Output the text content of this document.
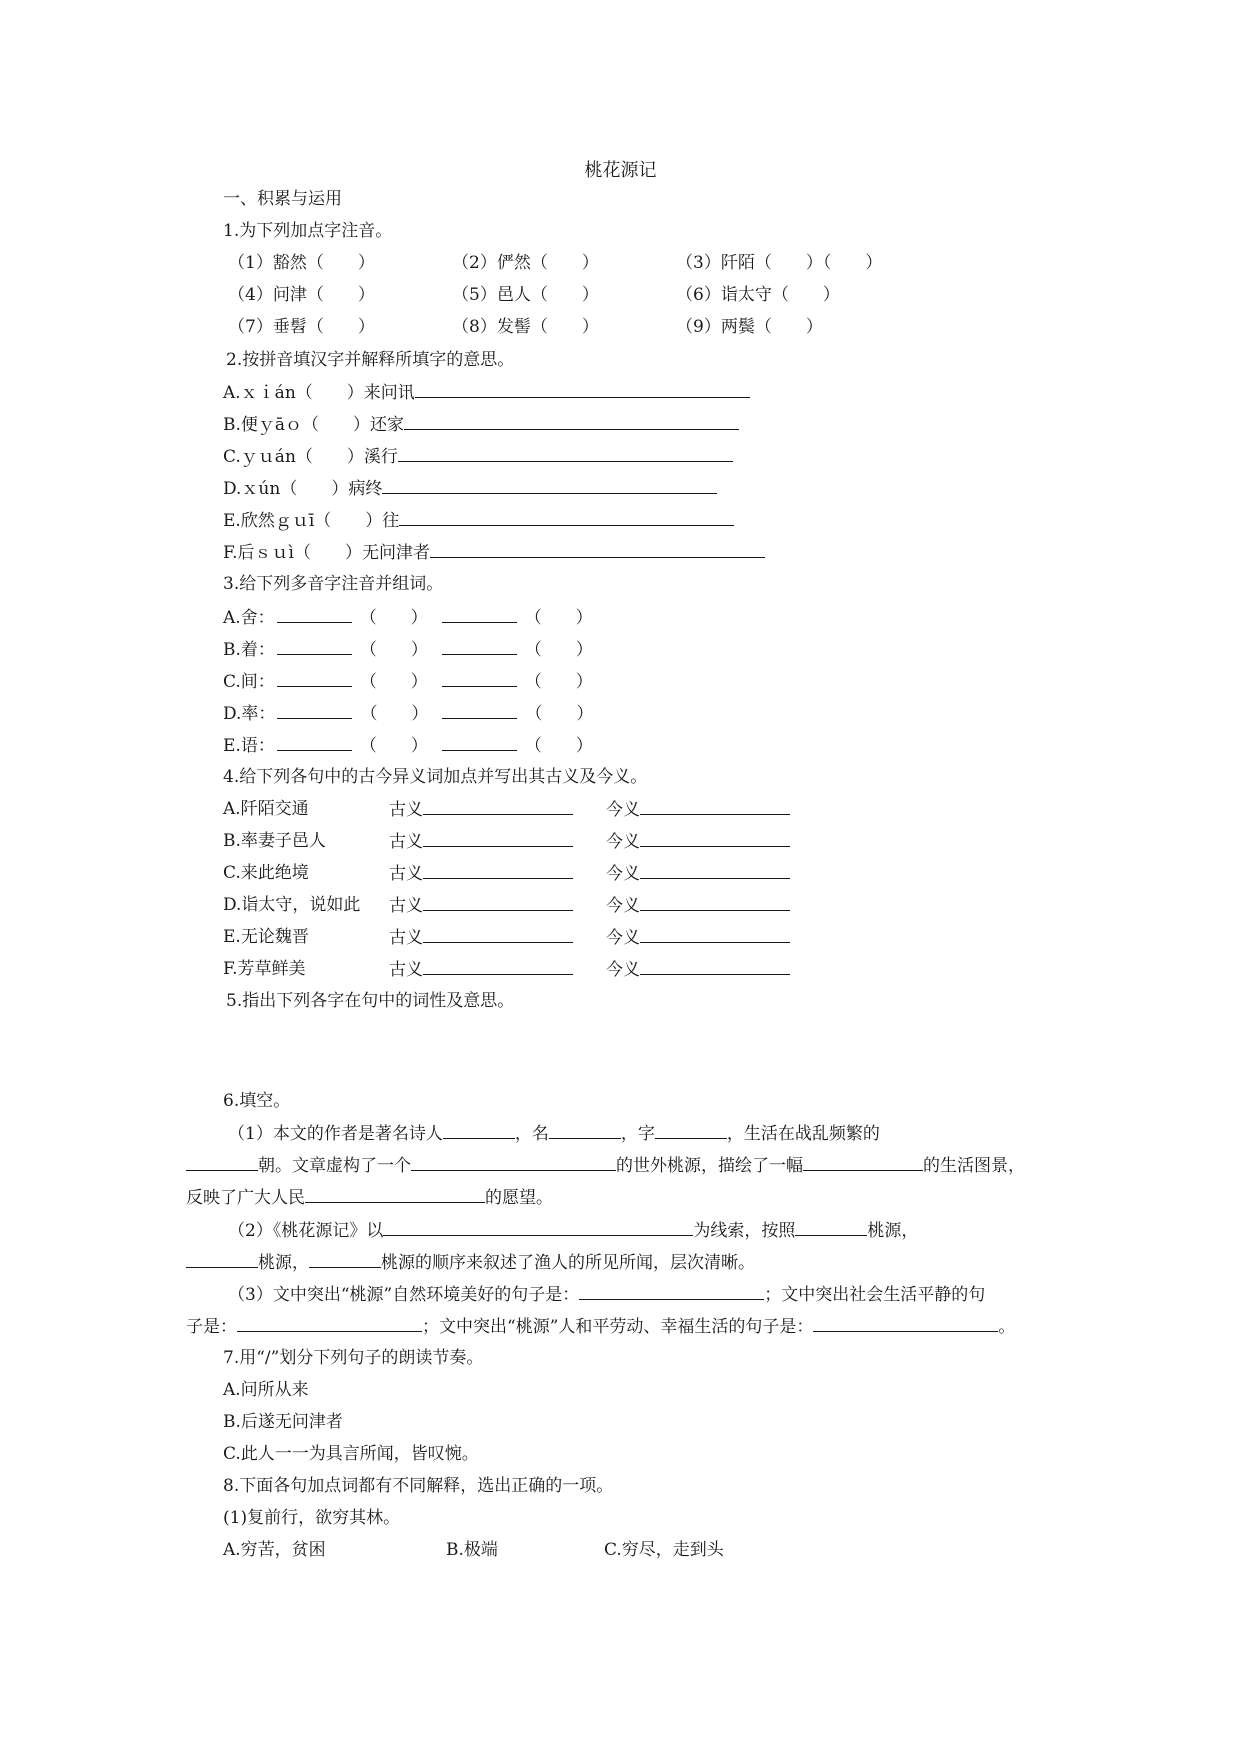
桃花源记
一、积累与运用
1.为下列加点字注音。
（1）豁然（　　）	（2）俨然（　　）	（3）阡陌（　　）（　　）
（4）问津（　　）	（5）邑人（　　）	（6）诣太守（　　）
（7）垂髫（　　）	（8）发髻（　　）	（9）两鬓（　　）
2.按拼音填汉字并解释所填字的意思。
A.ｘｉán（　　）来问讯
B.便ｙāｏ（　　）还家
C.ｙｕán（　　）溪行
D.ｘún（　　）病终
E.欣然ｇｕī（　　）往
F.后ｓｕì（　　）无问津者
3.给下列多音字注音并组词。
A.舍：	（　　）	（　　）
B.着：	（　　）	（　　）
C.间：	（　　）	（　　）
D.率：	（　　）	（　　）
E.语：	（　　）	（　　）
4.给下列各句中的古今异义词加点并写出其古义及今义。
A.阡陌交通	古义	今义
B.率妻子邑人	古义	今义
C.来此绝境	古义	今义
D.诣太守，说如此 古义	今义
E.无论魏晋	古义	今义
F.芳草鲜美	古义	今义
5.指出下列各字在句中的词性及意思。
6.填空。
（1）本文的作者是著名诗人	，名	，字	，生活在战乱频繁的
朝。文章虚构了一个	的世外桃源，描绘了一幅	的生活图景，
反映了广大人民	的愿望。
（2）《桃花源记》以	为线索，按照	桃源，
桃源，	桃源的顺序来叙述了渔人的所见所闻，层次清晰。
（3）文中突出“桃源”自然环境美好的句子是：	；文中突出社会生活平静的句
子是：	；文中突出“桃源”人和平劳动、幸福生活的句子是：	。
7.用“/”划分下列句子的朗读节奏。
A.问所从来
B.后遂无问津者
C.此人一一为具言所闻，皆叹惋。
8.下面各句加点词都有不同解释，选出正确的一项。
(1)复前行，欲穷其林。
A.穷苦，贫困	B.极端	C.穷尽，走到头
